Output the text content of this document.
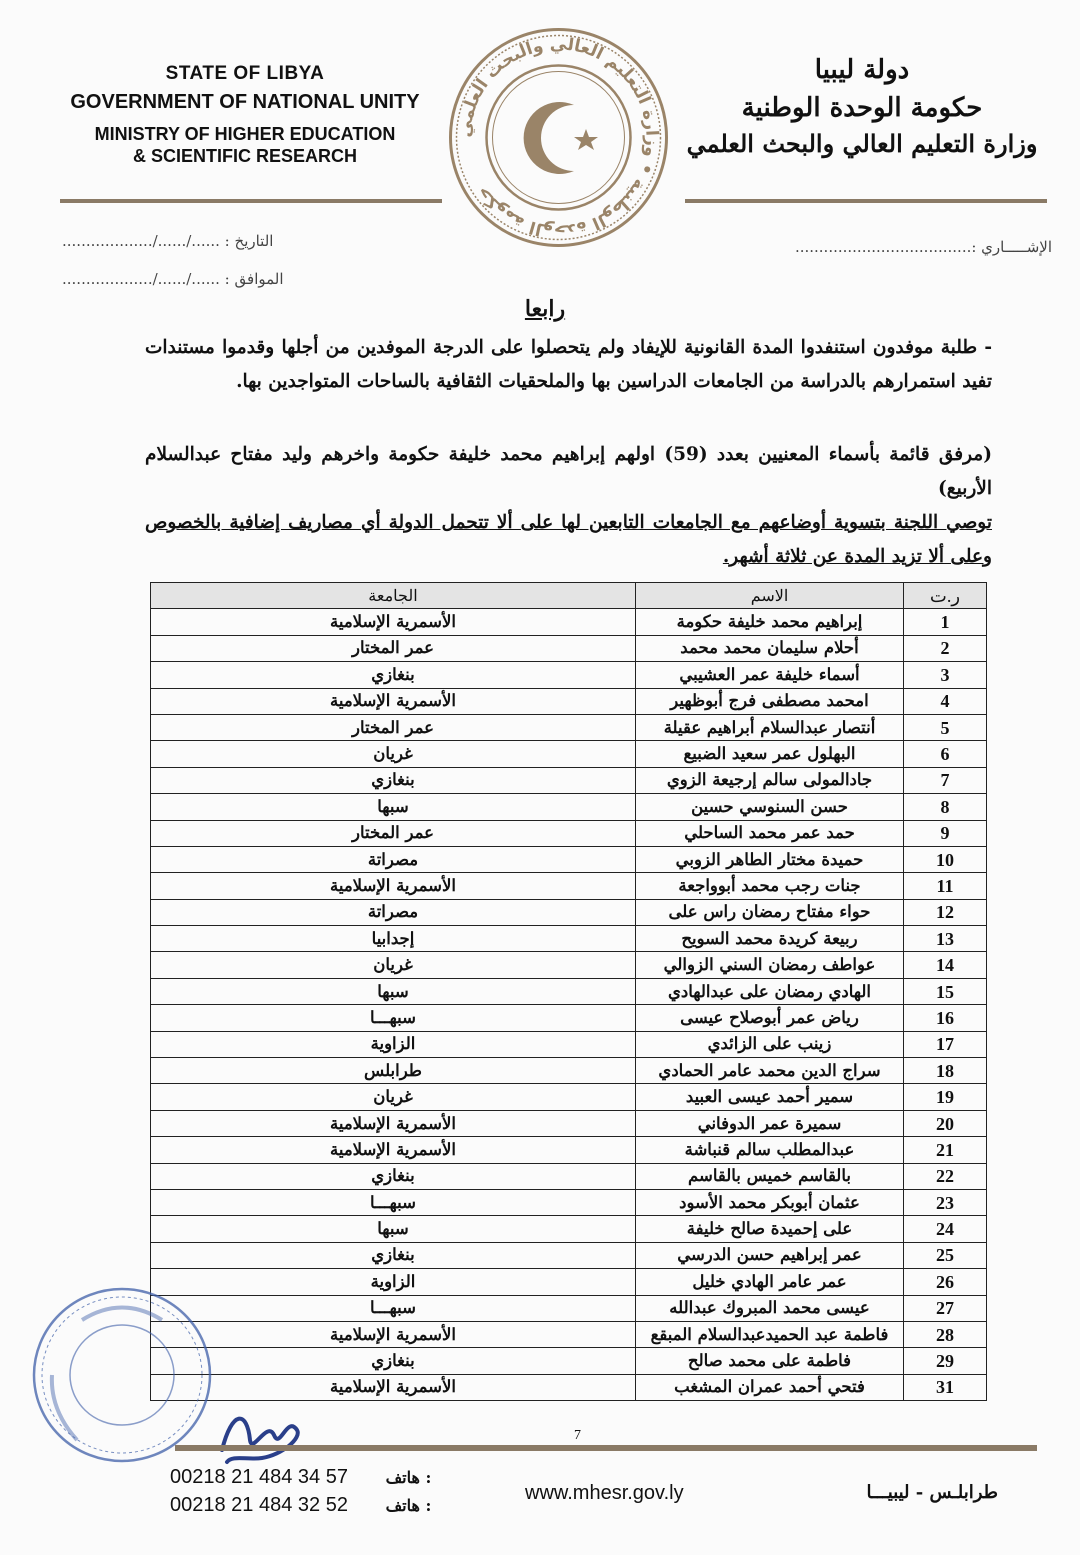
STATE OF LIBYA
GOVERNMENT OF NATIONAL UNITY
MINISTRY OF HIGHER EDUCATION
& SCIENTIFIC RESEARCH
حكومة الوحدة الوطنية • وزارة التعليم العالي والبحث العلمي
دولة ليبيا
حكومة الوحدة الوطنية
وزارة التعليم العالي والبحث العلمي
الإشـــــاري :.....................................
التاريخ : ....../....../...................
الموافق : ....../....../...................
رابعا
- طلبة موفدون استنفدوا المدة القانونية للإيفاد ولم يتحصلوا على الدرجة الموفدين من أجلها وقدموا مستندات تفيد استمرارهم بالدراسة من الجامعات الدراسين بها والملحقيات الثقافية بالساحات المتواجدين بها.
(مرفق قائمة بأسماء المعنيين بعدد (59) اولهم إبراهيم محمد خليفة حكومة واخرهم وليد مفتاح عبدالسلام الأربيع)
توصي اللجنة بتسوية أوضاعهم مع الجامعات التابعين لها على ألا تتحمل الدولة أي مصاريف إضافية بالخصوص وعلى ألا تزيد المدة عن ثلاثة أشهر.
ر.ت	الاسم	الجامعة
1	إبراهيم محمد خليفة حكومة	الأسمرية الإسلامية
2	أحلام سليمان محمد محمد	عمر المختار
3	أسماء خليفة عمر العشيبي	بنغازي
4	امحمد مصطفى فرج أبوظهير	الأسمرية الإسلامية
5	أنتصار عبدالسلام أبراهيم عقيلة	عمر المختار
6	البهلول عمر سعيد الضبيع	غريان
7	جادالمولى سالم إرجيعة الزوي	بنغازي
8	حسن السنوسي حسين	سبها
9	حمد عمر محمد الساحلي	عمر المختار
10	حميدة مختار الطاهر الزوبي	مصراتة
11	جنات رجب محمد أبوواجعة	الأسمرية الإسلامية
12	حواء مفتاح رمضان راس على	مصراتة
13	ربيعة كريدة محمد السويح	إجدابيا
14	عواطف رمضان السني الزوالي	غريان
15	الهادي رمضان على عبدالهادي	سبها
16	رياض عمر أبوصلاح عيسى	سبهـــا
17	زينب على الزائدي	الزاوية
18	سراج الدين محمد عامر الحمادي	طرابلس
19	سمير أحمد عيسى العبيد	غريان
20	سميرة عمر الدوفاني	الأسمرية الإسلامية
21	عبدالمطلب سالم قنباشة	الأسمرية الإسلامية
22	بالقاسم خميس بالقاسم	بنغازي
23	عثمان أبوبكر محمد الأسود	سبهـــا
24	على إحميدة صالح خليفة	سبها
25	عمر إبراهيم حسن الدرسي	بنغازي
26	عمر عامر الهادي خليل	الزاوية
27	عيسى محمد المبروك عبدالله	سبهـــا
28	فاطمة عبد الحميدعبدالسلام المبقع	الأسمرية الإسلامية
29	فاطمة على محمد صالح	بنغازي
31	فتحي أحمد عمران المشغب	الأسمرية الإسلامية
7
00218 21 484 34 57 هاتف :
00218 21 484 32 52 هاتف :
www.mhesr.gov.ly	طرابلـس - ليبيـــا
